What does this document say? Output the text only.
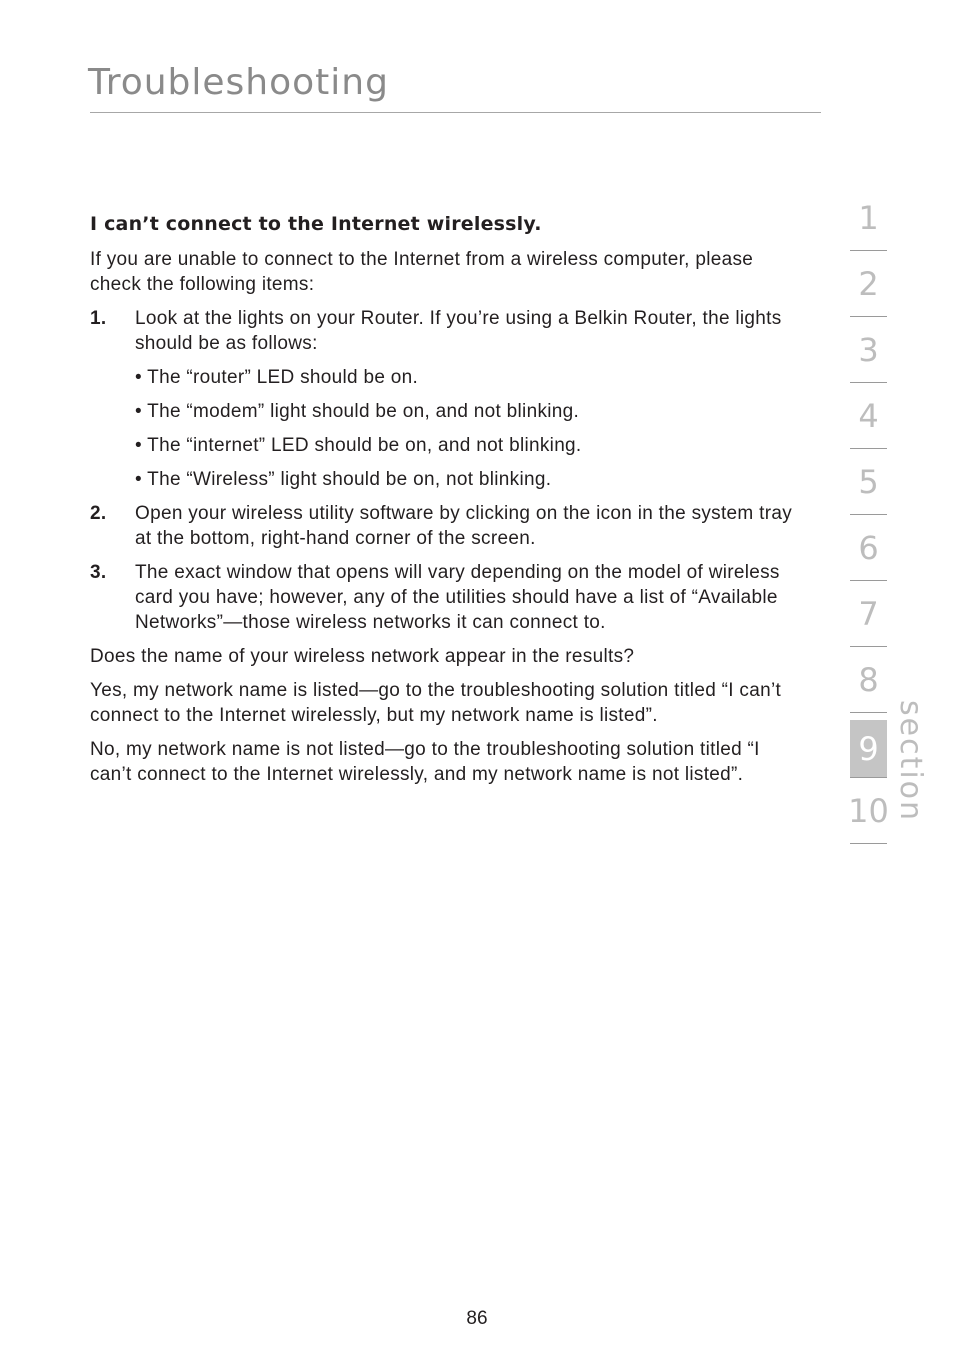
Troubleshooting
I can’t connect to the Internet wirelessly.

If you are unable to connect to the Internet from a wireless computer, please check the following items:

1. Look at the lights on your Router. If you’re using a Belkin Router, the lights should be as follows:
• The “router” LED should be on.
• The “modem” light should be on, and not blinking.
• The “internet” LED should be on, and not blinking.
• The “Wireless” light should be on, not blinking.
2. Open your wireless utility software by clicking on the icon in the system tray at the bottom, right-hand corner of the screen.
3. The exact window that opens will vary depending on the model of wireless card you have; however, any of the utilities should have a list of “Available Networks”—those wireless networks it can connect to.

Does the name of your wireless network appear in the results?

Yes, my network name is listed—go to the troubleshooting solution titled “I can’t connect to the Internet wirelessly, but my network name is listed”.

No, my network name is not listed—go to the troubleshooting solution titled “I can’t connect to the Internet wirelessly, and my network name is not listed”.

1
2
3
4
5
6
7
8
9
10 section
86
